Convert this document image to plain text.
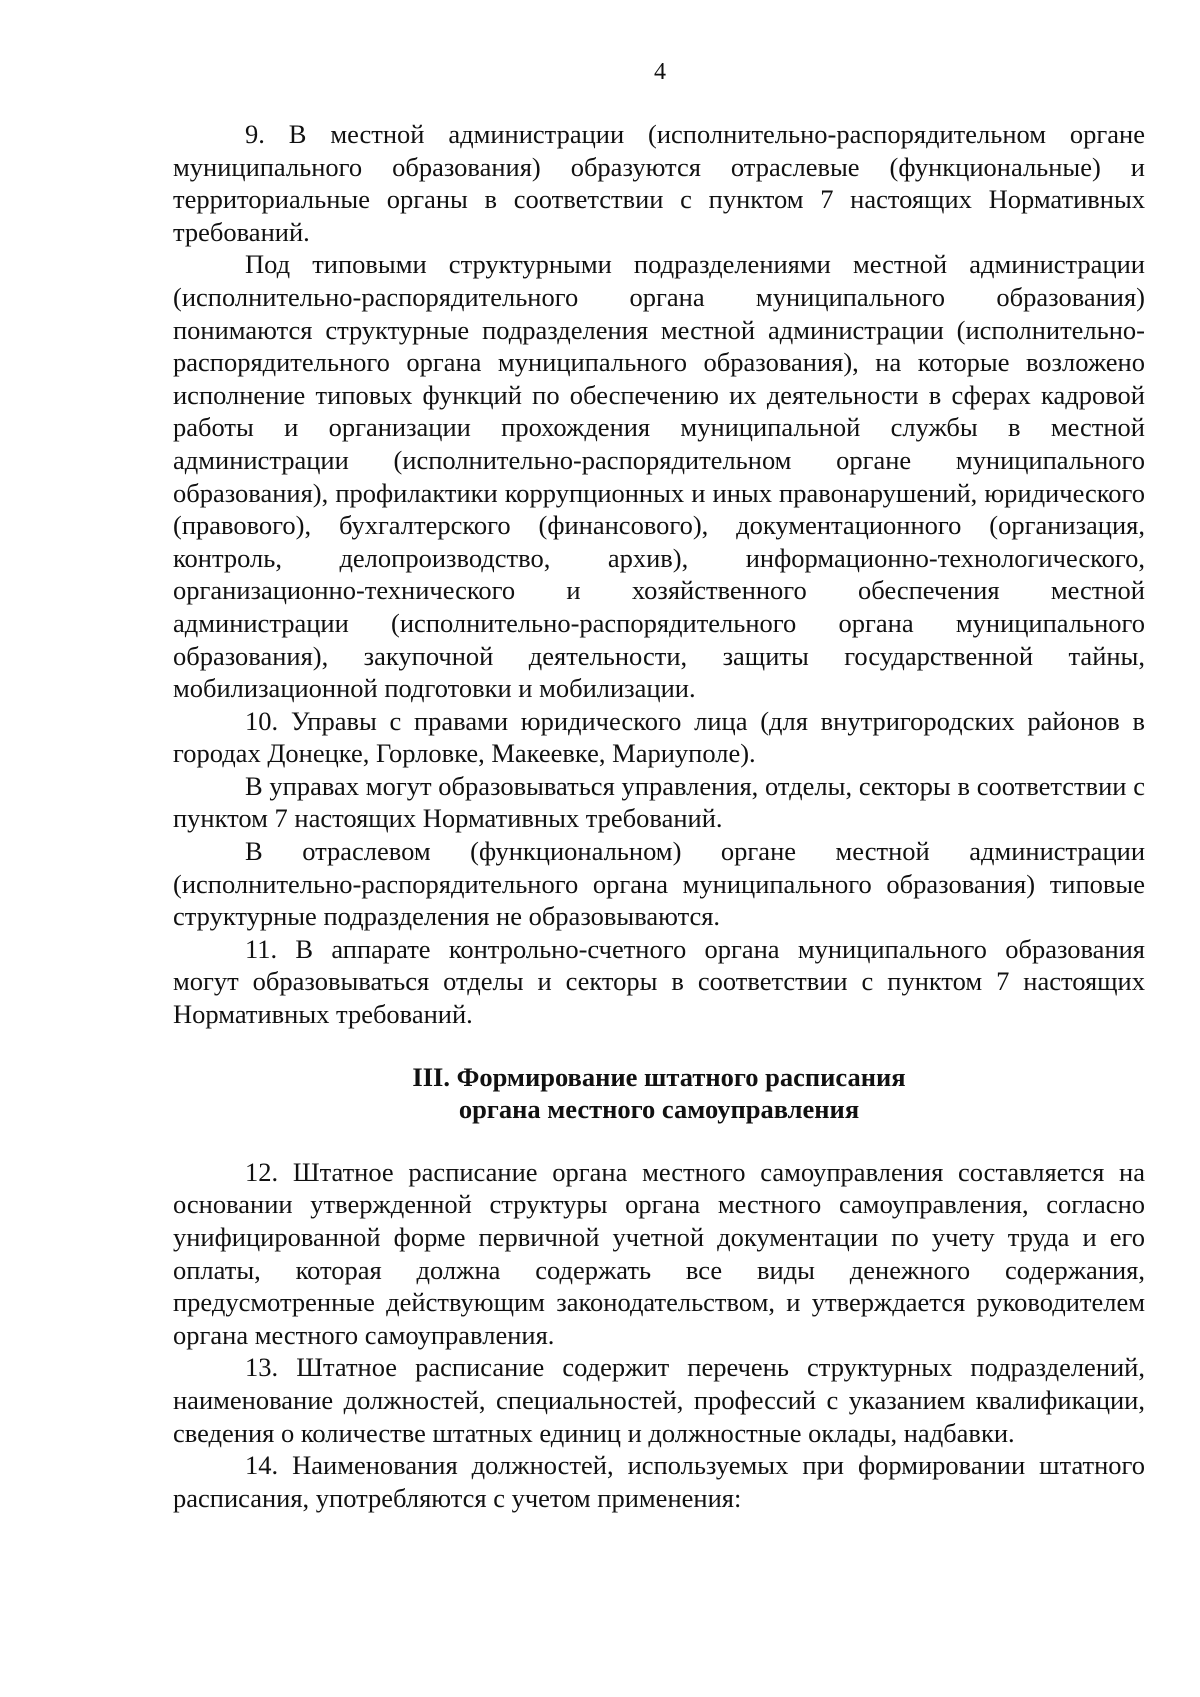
4

9. В местной администрации (исполнительно-распорядительном органе муниципального образования) образуются отраслевые (функциональные) и территориальные органы в соответствии с пунктом 7 настоящих Нормативных требований.

Под типовыми структурными подразделениями местной администрации (исполнительно-распорядительного органа муниципального образования) понимаются структурные подразделения местной администрации (исполнительно-распорядительного органа муниципального образования), на которые возложено исполнение типовых функций по обеспечению их деятельности в сферах кадровой работы и организации прохождения муниципальной службы в местной администрации (исполнительно-распорядительном органе муниципального образования), профилактики коррупционных и иных правонарушений, юридического (правового), бухгалтерского (финансового), документационного (организация, контроль, делопроизводство, архив), информационно-технологического, организационно-технического и хозяйственного обеспечения местной администрации (исполнительно-распорядительного органа муниципального образования), закупочной деятельности, защиты государственной тайны, мобилизационной подготовки и мобилизации.

10. Управы с правами юридического лица (для внутригородских районов в городах Донецке, Горловке, Макеевке, Мариуполе).

В управах могут образовываться управления, отделы, секторы в соответствии с пунктом 7 настоящих Нормативных требований.

В отраслевом (функциональном) органе местной администрации (исполнительно-распорядительного органа муниципального образования) типовые структурные подразделения не образовываются.

11. В аппарате контрольно-счетного органа муниципального образования могут образовываться отделы и секторы в соответствии с пунктом 7 настоящих Нормативных требований.

III. Формирование штатного расписания
органа местного самоуправления

12. Штатное расписание органа местного самоуправления составляется на основании утвержденной структуры органа местного самоуправления, согласно унифицированной форме первичной учетной документации по учету труда и его оплаты, которая должна содержать все виды денежного содержания, предусмотренные действующим законодательством, и утверждается руководителем органа местного самоуправления.

13. Штатное расписание содержит перечень структурных подразделений, наименование должностей, специальностей, профессий с указанием квалификации, сведения о количестве штатных единиц и должностные оклады, надбавки.

14. Наименования должностей, используемых при формировании штатного расписания, употребляются с учетом применения:
